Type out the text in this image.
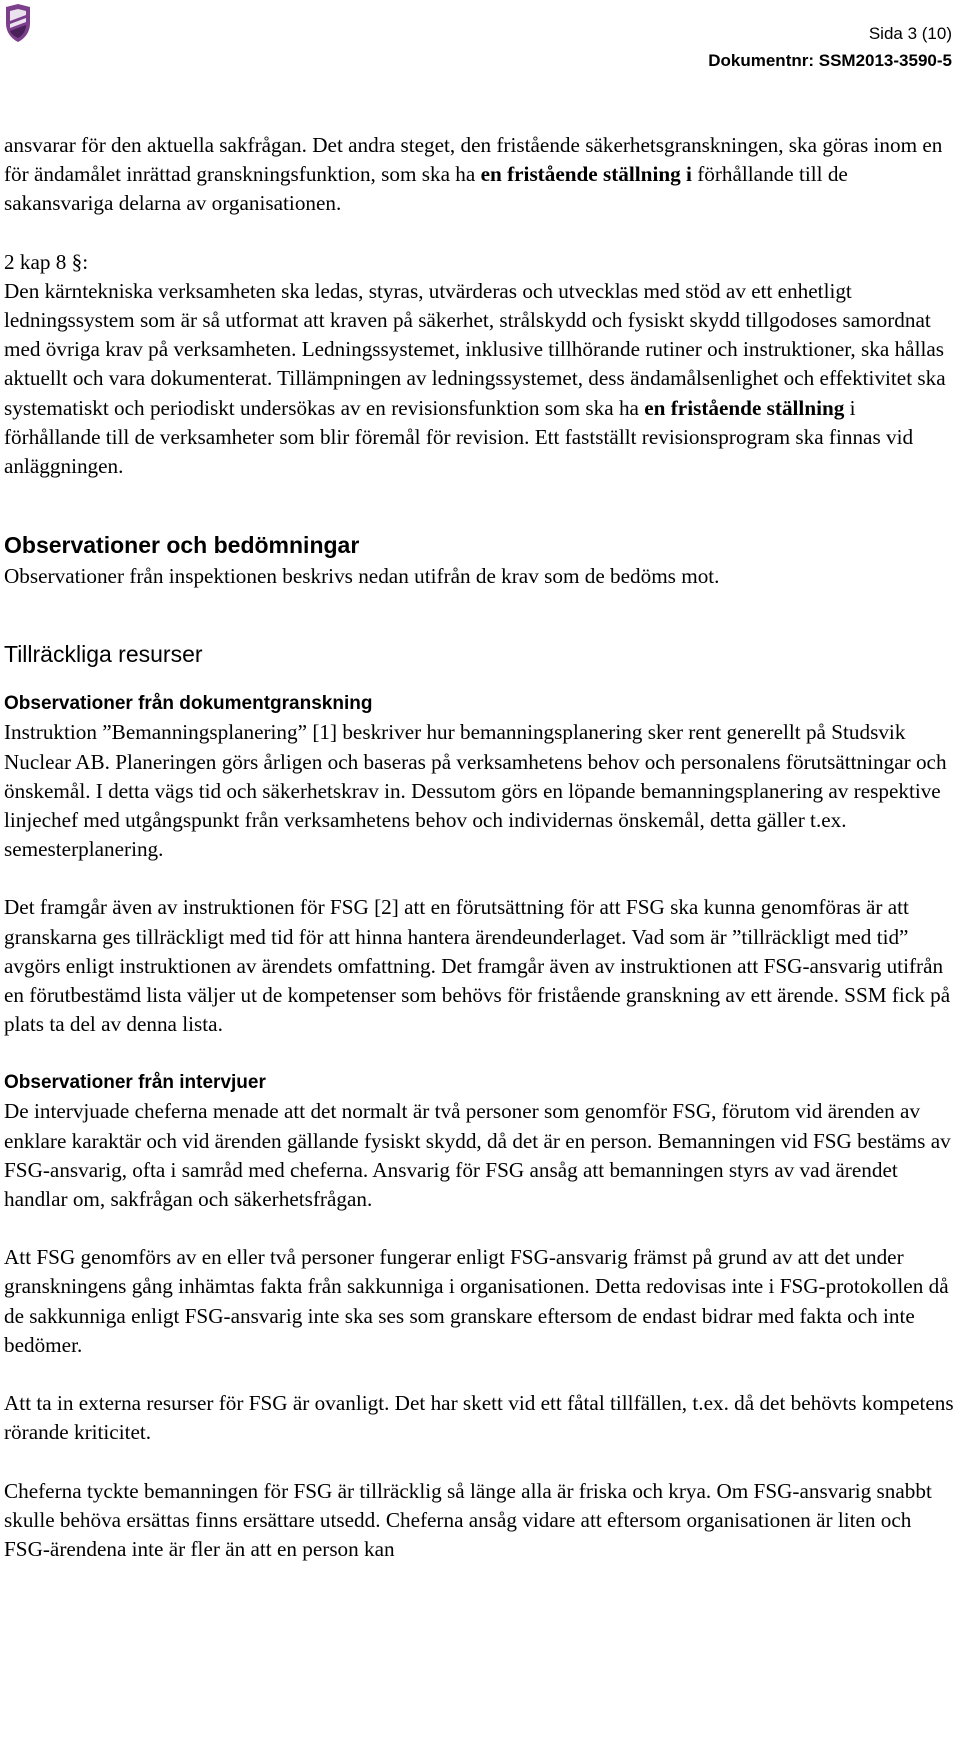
Sida 3 (10)
Dokumentnr: SSM2013-3590-5

ansvarar för den aktuella sakfrågan. Det andra steget, den fristående säkerhetsgranskningen, ska göras inom en för ändamålet inrättad granskningsfunktion, som ska ha en fristående ställning i förhållande till de sakansvariga delarna av organisationen.

2 kap 8 §:

Den kärntekniska verksamheten ska ledas, styras, utvärderas och utvecklas med stöd av ett enhetligt ledningssystem som är så utformat att kraven på säkerhet, strålskydd och fysiskt skydd tillgodoses samordnat med övriga krav på verksamheten. Ledningssystemet, inklusive tillhörande rutiner och instruktioner, ska hållas aktuellt och vara dokumenterat. Tillämpningen av ledningssystemet, dess ändamålsenlighet och effektivitet ska systematiskt och periodiskt undersökas av en revisionsfunktion som ska ha en fristående ställning i förhållande till de verksamheter som blir föremål för revision. Ett fastställt revisionsprogram ska finnas vid anläggningen.

Observationer och bedömningar

Observationer från inspektionen beskrivs nedan utifrån de krav som de bedöms mot.

Tillräckliga resurser
Observationer från dokumentgranskning

Instruktion ”Bemanningsplanering” [1] beskriver hur bemanningsplanering sker rent generellt på Studsvik Nuclear AB. Planeringen görs årligen och baseras på verksamhetens behov och personalens förutsättningar och önskemål. I detta vägs tid och säkerhetskrav in. Dessutom görs en löpande bemanningsplanering av respektive linjechef med utgångspunkt från verksamhetens behov och individernas önskemål, detta gäller t.ex. semesterplanering.

Det framgår även av instruktionen för FSG [2] att en förutsättning för att FSG ska kunna genomföras är att granskarna ges tillräckligt med tid för att hinna hantera ärendeunderlaget. Vad som är ”tillräckligt med tid” avgörs enligt instruktionen av ärendets omfattning. Det framgår även av instruktionen att FSG-ansvarig utifrån en förutbestämd lista väljer ut de kompetenser som behövs för fristående granskning av ett ärende. SSM fick på plats ta del av denna lista.

Observationer från intervjuer

De intervjuade cheferna menade att det normalt är två personer som genomför FSG, förutom vid ärenden av enklare karaktär och vid ärenden gällande fysiskt skydd, då det är en person. Bemanningen vid FSG bestäms av FSG-ansvarig, ofta i samråd med cheferna. Ansvarig för FSG ansåg att bemanningen styrs av vad ärendet handlar om, sakfrågan och säkerhetsfrågan.

Att FSG genomförs av en eller två personer fungerar enligt FSG-ansvarig främst på grund av att det under granskningens gång inhämtas fakta från sakkunniga i organisationen. Detta redovisas inte i FSG-protokollen då de sakkunniga enligt FSG-ansvarig inte ska ses som granskare eftersom de endast bidrar med fakta och inte bedömer.

Att ta in externa resurser för FSG är ovanligt. Det har skett vid ett fåtal tillfällen, t.ex. då det behövts kompetens rörande kriticitet.

Cheferna tyckte bemanningen för FSG är tillräcklig så länge alla är friska och krya. Om FSG-ansvarig snabbt skulle behöva ersättas finns ersättare utsedd. Cheferna ansåg vidare att eftersom organisationen är liten och FSG-ärendena inte är fler än att en person kan
